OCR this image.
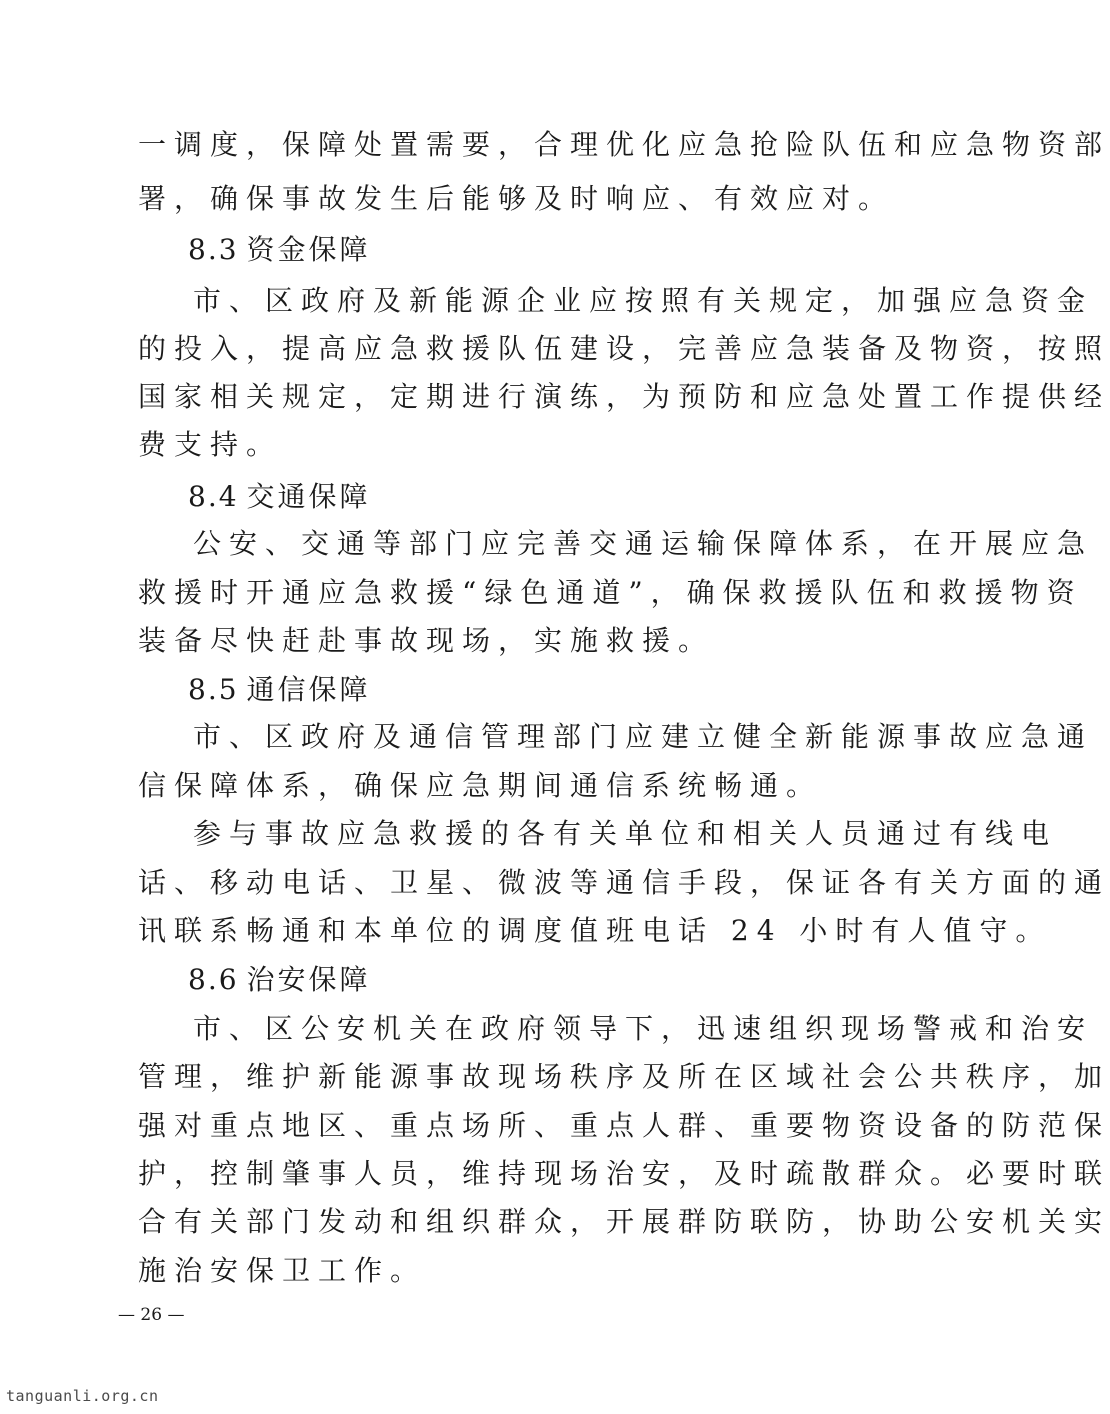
一调度，保障处置需要，合理优化应急抢险队伍和应急物资部
署，确保事故发生后能够及时响应、有效应对。
8.3 资金保障
市、区政府及新能源企业应按照有关规定，加强应急资金
的投入，提高应急救援队伍建设，完善应急装备及物资，按照
国家相关规定，定期进行演练，为预防和应急处置工作提供经
费支持。
8.4 交通保障
公安、交通等部门应完善交通运输保障体系，在开展应急
救援时开通应急救援“绿色通道”，确保救援队伍和救援物资
装备尽快赶赴事故现场，实施救援。
8.5 通信保障
市、区政府及通信管理部门应建立健全新能源事故应急通
信保障体系，确保应急期间通信系统畅通。
参与事故应急救援的各有关单位和相关人员通过有线电
话、移动电话、卫星、微波等通信手段，保证各有关方面的通
讯联系畅通和本单位的调度值班电话 24 小时有人值守。
8.6 治安保障
市、区公安机关在政府领导下，迅速组织现场警戒和治安
管理，维护新能源事故现场秩序及所在区域社会公共秩序，加
强对重点地区、重点场所、重点人群、重要物资设备的防范保
护，控制肇事人员，维持现场治安，及时疏散群众。必要时联
合有关部门发动和组织群众，开展群防联防，协助公安机关实
施治安保卫工作。
— 26 —
tanguanli.org.cn
